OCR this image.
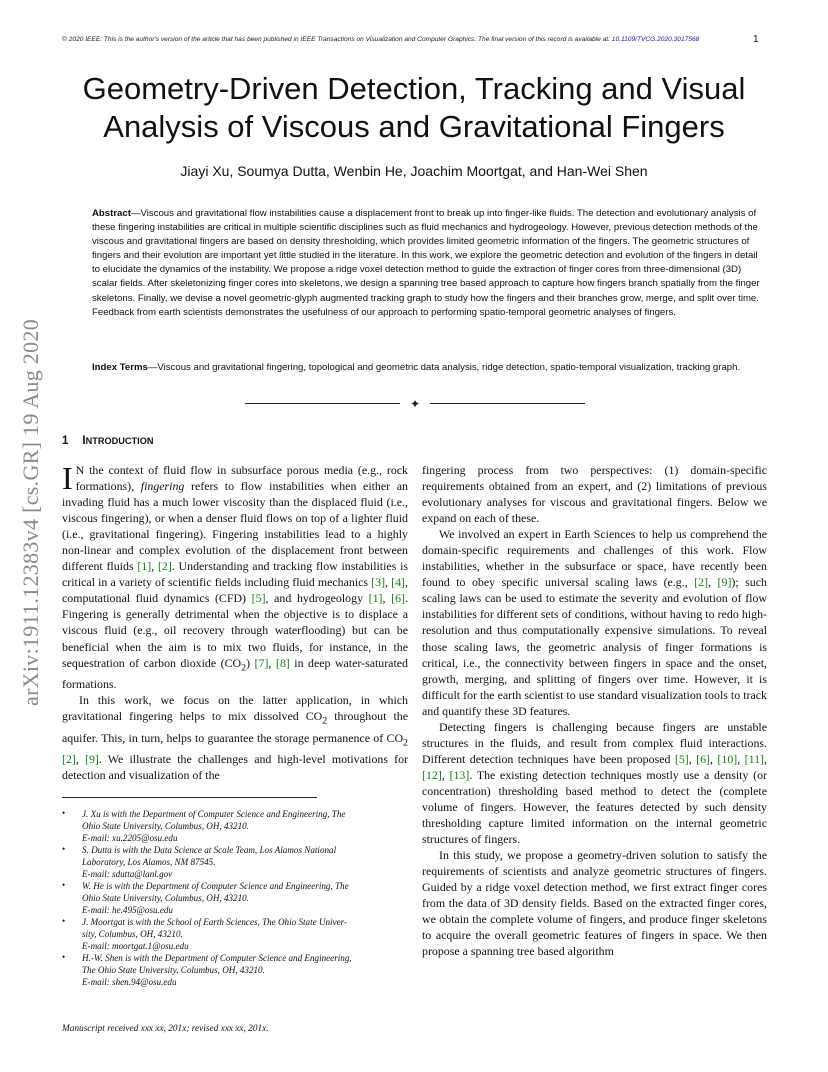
© 2020 IEEE. This is the author's version of the article that has been published in IEEE Transactions on Visualization and Computer Graphics. The final version of this record is available at: 10.1109/TVCG.2020.3017568	1
arXiv:1911.12383v4 [cs.GR] 19 Aug 2020
Geometry-Driven Detection, Tracking and Visual
Analysis of Viscous and Gravitational Fingers
Jiayi Xu, Soumya Dutta, Wenbin He, Joachim Moortgat, and Han-Wei Shen
Abstract—Viscous and gravitational flow instabilities cause a displacement front to break up into finger-like fluids. The detection and evolutionary analysis of these fingering instabilities are critical in multiple scientific disciplines such as fluid mechanics and hydrogeology. However, previous detection methods of the viscous and gravitational fingers are based on density thresholding, which provides limited geometric information of the fingers. The geometric structures of fingers and their evolution are important yet little studied in the literature. In this work, we explore the geometric detection and evolution of the fingers in detail to elucidate the dynamics of the instability. We propose a ridge voxel detection method to guide the extraction of finger cores from three-dimensional (3D) scalar fields. After skeletonizing finger cores into skeletons, we design a spanning tree based approach to capture how fingers branch spatially from the finger skeletons. Finally, we devise a novel geometric-glyph augmented tracking graph to study how the fingers and their branches grow, merge, and split over time. Feedback from earth scientists demonstrates the usefulness of our approach to performing spatio-temporal geometric analyses of fingers.
Index Terms—Viscous and gravitational fingering, topological and geometric data analysis, ridge detection, spatio-temporal visualization, tracking graph.
✦
1 INTRODUCTION

I N the context of fluid flow in subsurface porous media (e.g., rock formations), fingering refers to flow instabilities when either an invading fluid has a much lower viscosity than the displaced fluid (i.e., viscous fingering), or when a denser fluid flows on top of a lighter fluid (i.e., gravitational fingering). Fingering instabilities lead to a highly non-linear and complex evolution of the displacement front between different fluids [1], [2]. Understanding and tracking flow instabilities is critical in a variety of scientific fields including fluid mechanics [3], [4], computational fluid dynamics (CFD) [5], and hydrogeology [1], [6]. Fingering is generally detrimental when the objective is to displace a viscous fluid (e.g., oil recovery through waterflooding) but can be beneficial when the aim is to mix two fluids, for instance, in the sequestration of carbon dioxide $(CO_2)$ [7], [8] in deep water-saturated formations.

In this work, we focus on the latter application, in which gravitational fingering helps to mix dissolved $CO_2$ throughout the aquifer. This, in turn, helps to guarantee the storage permanence of $CO_2$ [2], [9]. We illustrate the challenges and high-level motivations for detection and visualization of the

fingering process from two perspectives: (1) domain-specific requirements obtained from an expert, and (2) limitations of previous evolutionary analyses for viscous and gravitational fingers. Below we expand on each of these.

We involved an expert in Earth Sciences to help us comprehend the domain-specific requirements and challenges of this work. Flow instabilities, whether in the subsurface or space, have recently been found to obey specific universal scaling laws (e.g., [2], [9]); such scaling laws can be used to estimate the severity and evolution of flow instabilities for different sets of conditions, without having to redo high-resolution and thus computationally expensive simulations. To reveal those scaling laws, the geometric analysis of finger formations is critical, i.e., the connectivity between fingers in space and the onset, growth, merging, and splitting of fingers over time. However, it is difficult for the earth scientist to use standard visualization tools to track and quantify these 3D features.

Detecting fingers is challenging because fingers are unstable structures in the fluids, and result from complex fluid interactions. Different detection techniques have been proposed [5], [6], [10], [11], [12], [13]. The existing detection techniques mostly use a density (or concentration) thresholding based method to detect the (complete volume of fingers. However, the features detected by such density thresholding capture limited information on the internal geometric structures of fingers.

In this study, we propose a geometry-driven solution to satisfy the requirements of scientists and analyze geometric structures of fingers. Guided by a ridge voxel detection method, we first extract finger cores from the data of 3D density fields. Based on the extracted finger cores, we obtain the complete volume of fingers, and produce finger skeletons to acquire the overall geometric features of fingers in space. We then propose a spanning tree based algorithm

• J. Xu is with the Department of Computer Science and Engineering, The
Ohio State University, Columbus, OH, 43210.
E-mail: xu.2205@osu.edu
• S. Dutta is with the Data Science at Scale Team, Los Alamos National
Laboratory, Los Alamos, NM 87545.
E-mail: sdutta@lanl.gov
• W. He is with the Department of Computer Science and Engineering, The
Ohio State University, Columbus, OH, 43210.
E-mail: he.495@osu.edu
• J. Moortgat is with the School of Earth Sciences, The Ohio State Univer-
sity, Columbus, OH, 43210.
E-mail: moortgat.1@osu.edu
• H.-W. Shen is with the Department of Computer Science and Engineering,
The Ohio State University, Columbus, OH, 43210.
E-mail: shen.94@osu.edu
Manuscript received xxx xx, 201x; revised xxx xx, 201x.
